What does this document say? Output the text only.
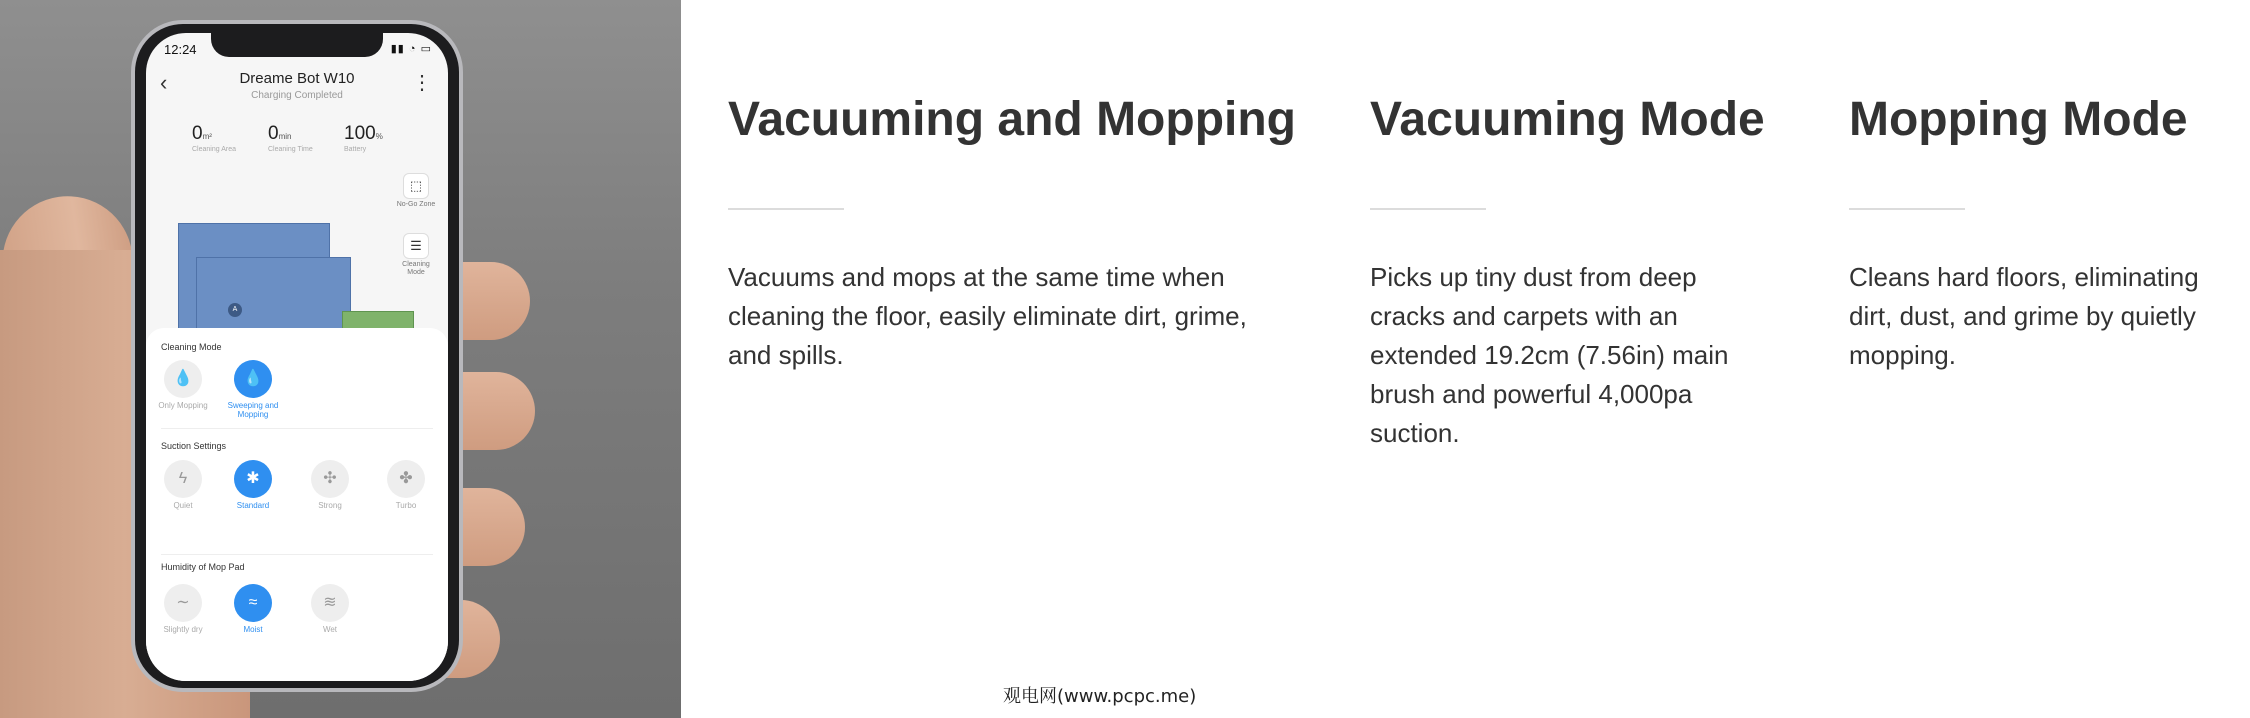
12:24	▮▮ ◔ ▭
‹	Dreame Bot W10
Charging Completed
⋮
0m²
Cleaning Area
0min
Cleaning Time
100%
Battery
⬚
No-Go Zone
☰
Cleaning Mode
A
Cleaning Mode
💧
Only Mopping
💧
Sweeping and Mopping
Suction Settings
ϟ
Quiet
✱
Standard
✣
Strong
✤
Turbo
Humidity of Mop Pad
∼
Slightly dry
≈
Moist
≋
Wet
Vacuuming and Mopping

Vacuums and mops at the same time when cleaning the floor, easily eliminate dirt, grime, and spills.

Vacuuming Mode

Picks up tiny dust from deep cracks and carpets with an extended 19.2cm (7.56in) main brush and powerful 4,000pa suction.

Mopping Mode

Cleans hard floors, eliminating dirt, dust, and grime by quietly mopping.

观电网(www.pcpc.me)
